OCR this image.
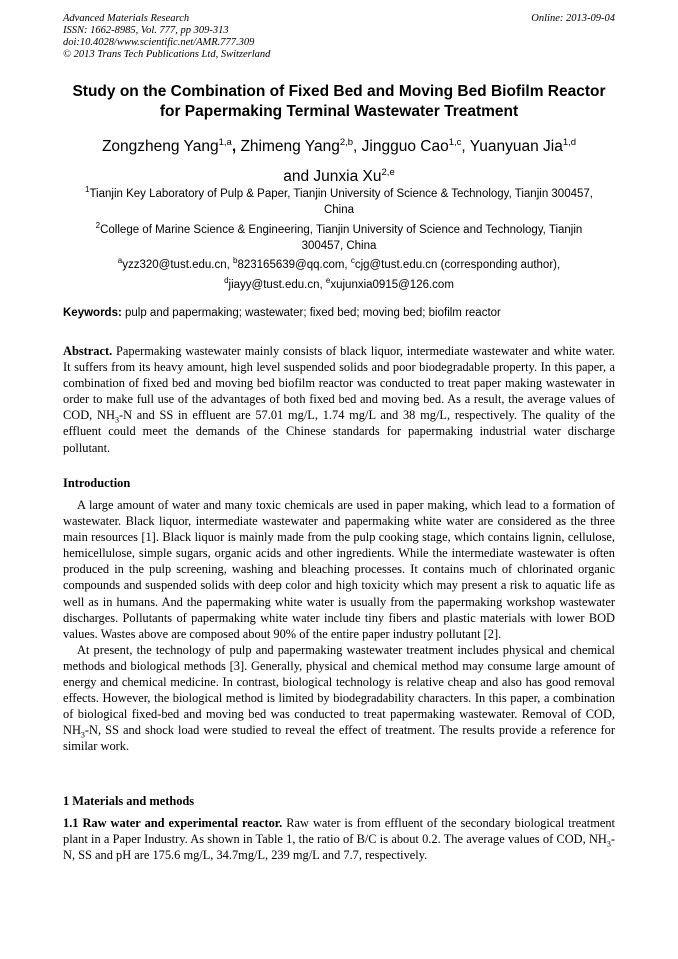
Advanced Materials Research
ISSN: 1662-8985, Vol. 777, pp 309-313
doi:10.4028/www.scientific.net/AMR.777.309
© 2013 Trans Tech Publications Ltd, Switzerland
Online: 2013-09-04
Study on the Combination of Fixed Bed and Moving Bed Biofilm Reactor
for Papermaking Terminal Wastewater Treatment
Zongzheng Yang$^{1,a}$, Zhimeng Yang$^{2,b}$, Jingguo Cao$^{1,c}$, Yuanyuan Jia$^{1,d}$
and Junxia Xu$^{2,e}$
$^1$Tianjin Key Laboratory of Pulp & Paper, Tianjin University of Science & Technology, Tianjin 300457,
China
$^2$College of Marine Science & Engineering, Tianjin University of Science and Technology, Tianjin
300457, China
$^a$yzz320@tust.edu.cn, $^b$823165639@qq.com, $^c$cjg@tust.edu.cn (corresponding author),
$^d$jiayy@tust.edu.cn, $^e$xujunxia0915@126.com
Keywords: pulp and papermaking; wastewater; fixed bed; moving bed; biofilm reactor
Abstract. Papermaking wastewater mainly consists of black liquor, intermediate wastewater and white water. It suffers from its heavy amount, high level suspended solids and poor biodegradable property. In this paper, a combination of fixed bed and moving bed biofilm reactor was conducted to treat paper making wastewater in order to make full use of the advantages of both fixed bed and moving bed. As a result, the average values of COD, $NH_3-N$ and SS in effluent are 57.01 mg/L, 1.74 mg/L and 38 mg/L, respectively. The quality of the effluent could meet the demands of the Chinese standards for papermaking industrial water discharge pollutant.
Introduction

A large amount of water and many toxic chemicals are used in paper making, which lead to a formation of wastewater. Black liquor, intermediate wastewater and papermaking white water are considered as the three main resources [1]. Black liquor is mainly made from the pulp cooking stage, which contains lignin, cellulose, hemicellulose, simple sugars, organic acids and other ingredients. While the intermediate wastewater is often produced in the pulp screening, washing and bleaching processes. It contains much of chlorinated organic compounds and suspended solids with deep color and high toxicity which may present a risk to aquatic life as well as in humans. And the papermaking white water is usually from the papermaking workshop wastewater discharges. Pollutants of papermaking white water include tiny fibers and plastic materials with lower BOD values. Wastes above are composed about 90% of the entire paper industry pollutant [2].

At present, the technology of pulp and papermaking wastewater treatment includes physical and chemical methods and biological methods [3]. Generally, physical and chemical method may consume large amount of energy and chemical medicine. In contrast, biological technology is relative cheap and also has good removal effects. However, the biological method is limited by biodegradability characters. In this paper, a combination of biological fixed-bed and moving bed was conducted to treat papermaking wastewater. Removal of COD, $NH_3-N$, SS and shock load were studied to reveal the effect of treatment. The results provide a reference for similar work.

1 Materials and methods
1.1 Raw water and experimental reactor. Raw water is from effluent of the secondary biological treatment plant in a Paper Industry. As shown in Table 1, the ratio of B/C is about 0.2. The average values of COD, $NH_3-N$, SS and pH are 175.6 mg/L, 34.7mg/L, 239 mg/L and 7.7, respectively.
